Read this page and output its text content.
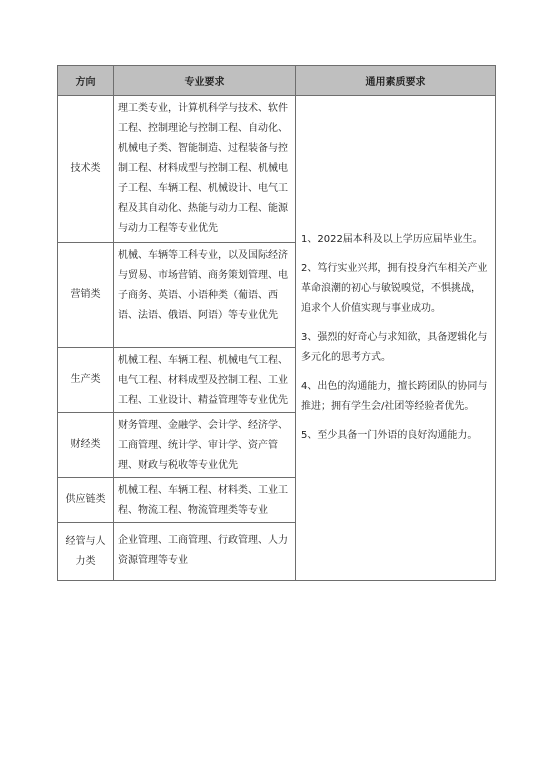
方向	专业要求	通用素质要求

技术类	理工类专业，计算机科学与技术、软件工程、控制理论与控制工程、自动化、机械电子类、智能制造、过程装备与控制工程、材料成型与控制工程、机械电子工程、车辆工程、机械设计、电气工程及其自动化、热能与动力工程、能源与动力工程等专业优先	1、2022届本科及以上学历应届毕业生。

2、笃行实业兴邦，拥有投身汽车相关产业革命浪潮的初心与敏锐嗅觉，不惧挑战，追求个人价值实现与事业成功。

3、强烈的好奇心与求知欲，具备逻辑化与多元化的思考方式。

4、出色的沟通能力，擅长跨团队的协同与推进；拥有学生会/社团等经验者优先。

5、至少具备一门外语的良好沟通能力。

营销类	机械、车辆等工科专业，以及国际经济与贸易、市场营销、商务策划管理、电子商务、英语、小语种类（葡语、西语、法语、俄语、阿语）等专业优先	

生产类	机械工程、车辆工程、机械电气工程、电气工程、材料成型及控制工程、工业工程、工业设计、精益管理等专业优先	

财经类	财务管理、金融学、会计学、经济学、工商管理、统计学、审计学、资产管理、财政与税收等专业优先	

供应链类	机械工程、车辆工程、材料类、工业工程、物流工程、物流管理类等专业	

经管与人力类	企业管理、工商管理、行政管理、人力资源管理等专业	
